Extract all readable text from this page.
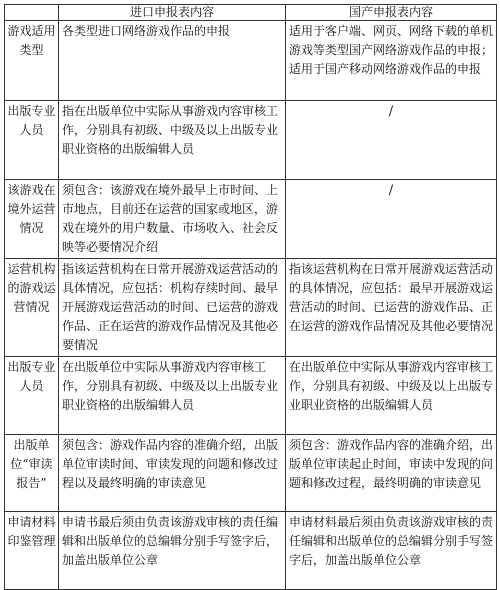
	进口申报表内容	国产申报表内容
游戏适用类型	各类型进口网络游戏作品的申报	适用于客户端、网页、网络下载的单机游戏等类型国产网络游戏作品的申报；适用于国产移动网络游戏作品的申报
出版专业人员	指在出版单位中实际从事游戏内容审核工作，分别具有初级、中级及以上出版专业职业资格的出版编辑人员	/
该游戏在境外运营情况	须包含：该游戏在境外最早上市时间、上市地点，目前还在运营的国家或地区，游戏在境外的用户数量、市场收入、社会反映等必要情况介绍	/
运营机构的游戏运营情况	指该运营机构在日常开展游戏运营活动的具体情况，应包括：机构存续时间、最早开展游戏运营活动的时间、已运营的游戏作品、正在运营的游戏作品情况及其他必要情况	指该运营机构在日常开展游戏运营活动的具体情况，应包括：最早开展游戏运营活动的时间、已运营的游戏作品、正在运营的游戏作品情况及其他必要情况
出版专业人员	在出版单位中实际从事游戏内容审核工作，分别具有初级、中级及以上出版专业职业资格的出版编辑人员	在出版单位中实际从事游戏内容审核工作，分别具有初级、中级及以上出版专业职业资格的出版编辑人员
出版单位“审读报告”	须包含：游戏作品内容的准确介绍，出版单位审读时间、审读发现的问题和修改过程以及最终明确的审读意见	须包含：游戏作品内容的准确介绍，出版单位审读起止时间，审读中发现的问题和修改过程，最终明确的审读意见
申请材料印鉴管理	申请书最后须由负责该游戏审核的责任编辑和出版单位的总编辑分别手写签字后，加盖出版单位公章	申请材料最后须由负责该游戏审核的责任编辑和出版单位的总编辑分别手写签字后，加盖出版单位公章
